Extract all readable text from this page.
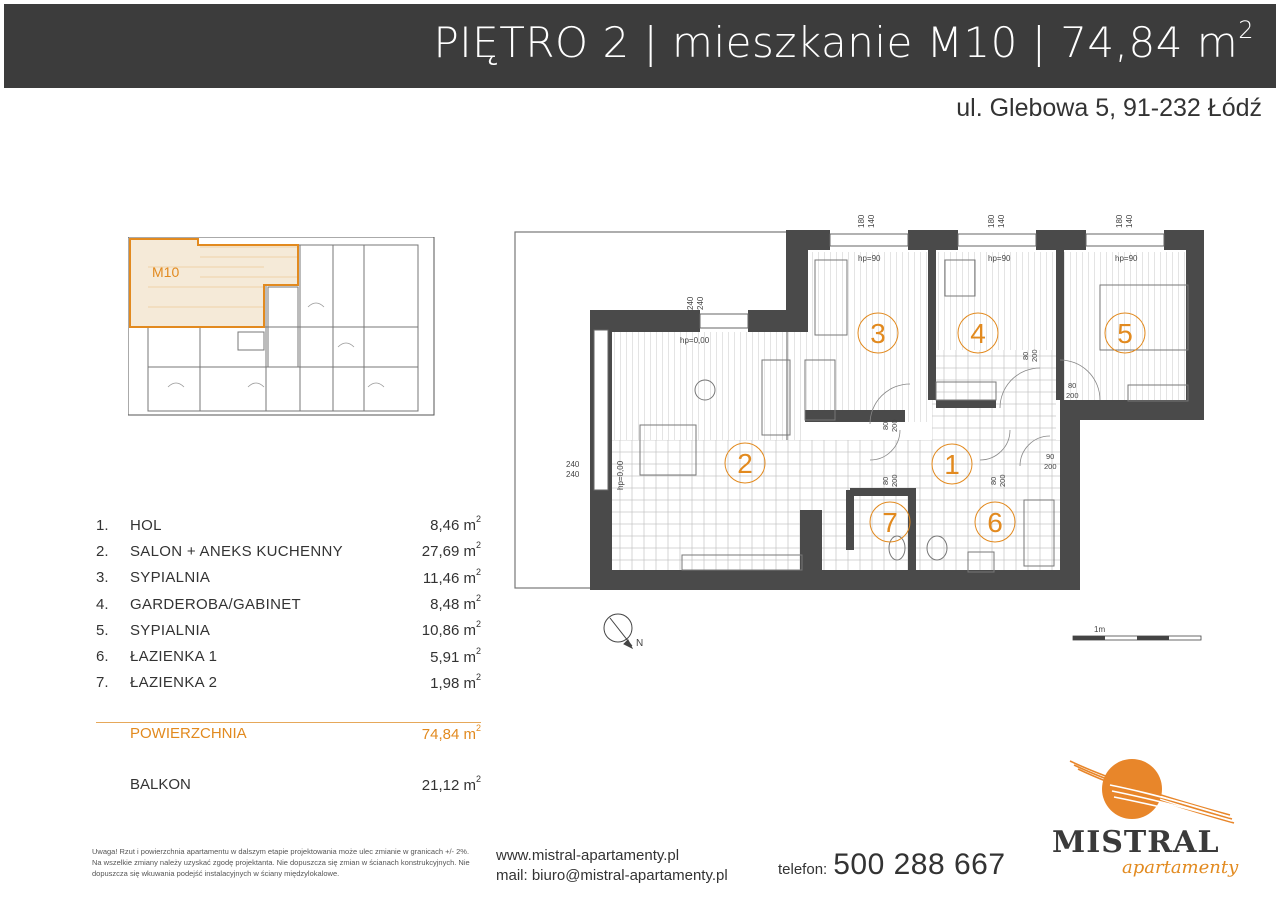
PIĘTRO 2 | mieszkanie M10 | 74,84 $m^2$
ul. Glebowa 5, 91-232 Łódź
M10
1
2
3	4	5
6
7
hp=0,00
hp=90	hp=90	hp=90
hp=0,00
180 140	180 140	180 140
240 240
240
240
80 200
80 200
80
200
90
200
80 200
80 200
N
1m
1.	HOL	8,46 $m^2$
2.	SALON + ANEKS KUCHENNY	27,69 $m^2$
3.	SYPIALNIA	11,46 $m^2$
4.	GARDEROBA/GABINET	8,48 $m^2$
5.	SYPIALNIA	10,86 $m^2$
6.	ŁAZIENKA 1	5,91 $m^2$
7.	ŁAZIENKA 2	1,98 $m^2$
POWIERZCHNIA	74,84 $m^2$
BALKON	21,12 $m^2$
Uwaga! Rzut i powierzchnia apartamentu w dalszym etapie projektowania może ulec zmianie w granicach +/- 2%. Na wszelkie zmiany należy uzyskać zgodę projektanta. Nie dopuszcza się zmian w ścianach konstrukcyjnych. Nie dopuszcza się wkuwania podejść instalacyjnych w ściany międzylokalowe.
www.mistral-apartamenty.pl
mail: biuro@mistral-apartamenty.pl	telefon: 500 288 667
MISTRAL
apartamenty
